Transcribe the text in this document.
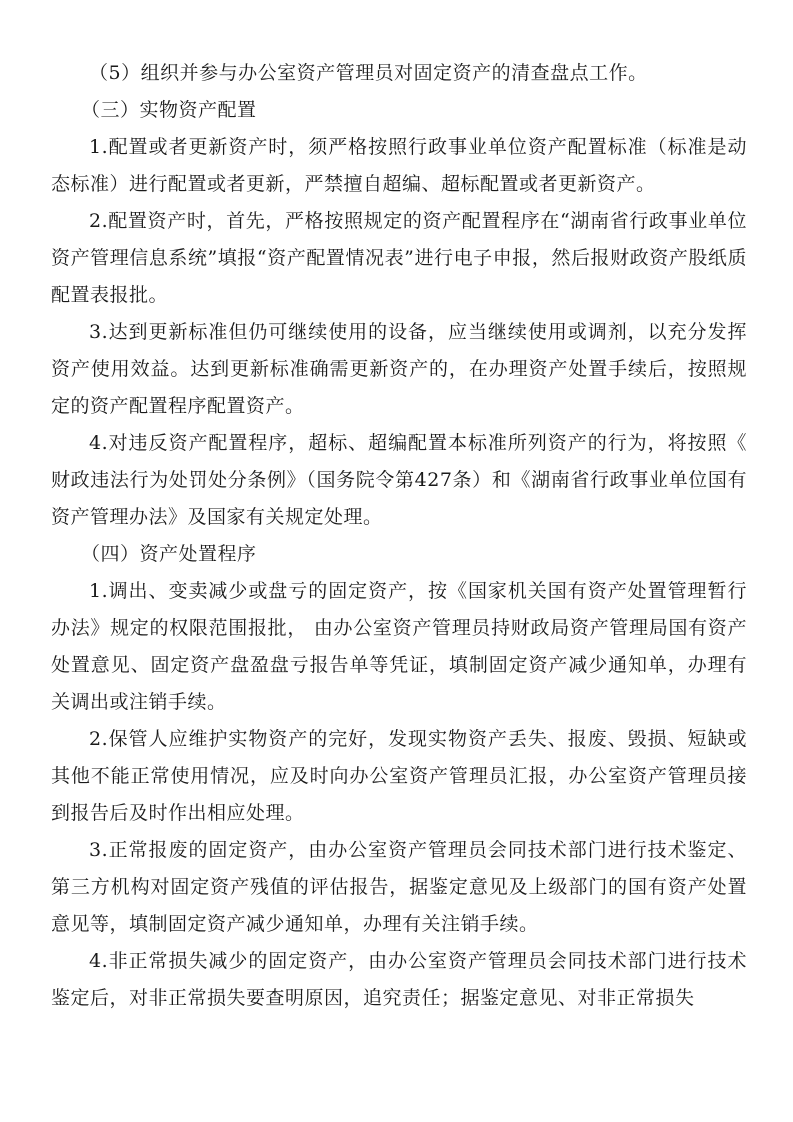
（5）组织并参与办公室资产管理员对固定资产的清查盘点工作。

（三）实物资产配置

1.配置或者更新资产时，须严格按照行政事业单位资产配置标准（标准是动态标准）进行配置或者更新，严禁擅自超编、超标配置或者更新资产。

2.配置资产时，首先，严格按照规定的资产配置程序在“湖南省行政事业单位资产管理信息系统”填报“资产配置情况表”进行电子申报，然后报财政资产股纸质配置表报批。

3.达到更新标准但仍可继续使用的设备，应当继续使用或调剂，以充分发挥资产使用效益。达到更新标准确需更新资产的，在办理资产处置手续后，按照规定的资产配置程序配置资产。

4.对违反资产配置程序，超标、超编配置本标准所列资产的行为，将按照《财政违法行为处罚处分条例》（国务院令第427条）和《湖南省行政事业单位国有资产管理办法》及国家有关规定处理。

（四）资产处置程序

1.调出、变卖减少或盘亏的固定资产，按《国家机关国有资产处置管理暂行办法》规定的权限范围报批， 由办公室资产管理员持财政局资产管理局国有资产处置意见、固定资产盘盈盘亏报告单等凭证，填制固定资产减少通知单，办理有关调出或注销手续。

2.保管人应维护实物资产的完好，发现实物资产丢失、报废、毁损、短缺或其他不能正常使用情况，应及时向办公室资产管理员汇报，办公室资产管理员接到报告后及时作出相应处理。

3.正常报废的固定资产，由办公室资产管理员会同技术部门进行技术鉴定、第三方机构对固定资产残值的评估报告，据鉴定意见及上级部门的国有资产处置意见等，填制固定资产减少通知单，办理有关注销手续。

4.非正常损失减少的固定资产，由办公室资产管理员会同技术部门进行技术鉴定后，对非正常损失要查明原因，追究责任；据鉴定意见、对非正常损失
